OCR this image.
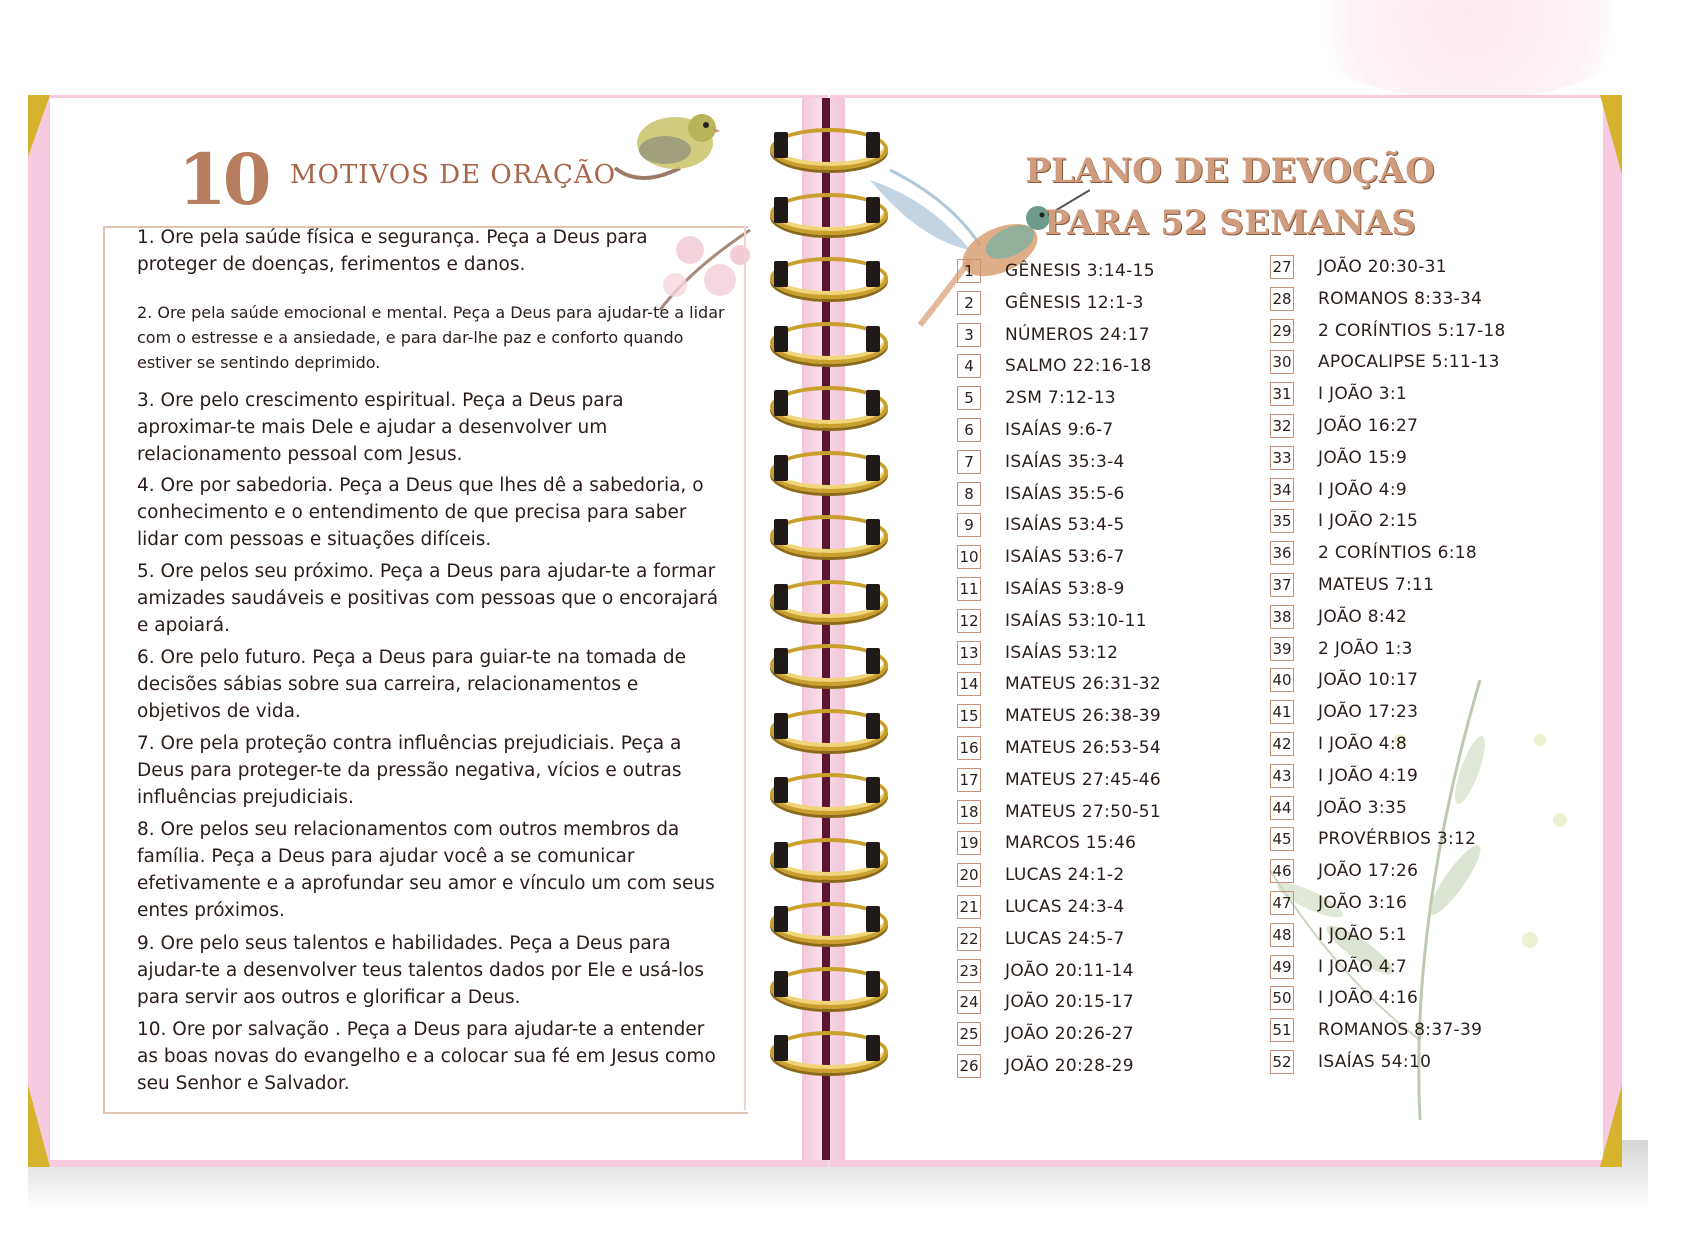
10 MOTIVOS DE ORAÇÃO
1. Ore pela saúde física e segurança. Peça a Deus para proteger de doenças, ferimentos e danos.
2. Ore pela saúde emocional e mental. Peça a Deus para ajudar-te a lidar com o estresse e a ansiedade, e para dar-lhe paz e conforto quando estiver se sentindo deprimido.
3. Ore pelo crescimento espiritual. Peça a Deus para aproximar-te mais Dele e ajudar a desenvolver um relacionamento pessoal com Jesus.
4. Ore por sabedoria. Peça a Deus que lhes dê a sabedoria, o conhecimento e o entendimento de que precisa para saber lidar com pessoas e situações difíceis.
5. Ore pelos seu próximo. Peça a Deus para ajudar-te a formar amizades saudáveis e positivas com pessoas que o encorajará e apoiará.
6. Ore pelo futuro. Peça a Deus para guiar-te na tomada de decisões sábias sobre sua carreira, relacionamentos e objetivos de vida.
7. Ore pela proteção contra influências prejudiciais. Peça a Deus para proteger-te da pressão negativa, vícios e outras influências prejudiciais.
8. Ore pelos seu relacionamentos com outros membros da família. Peça a Deus para ajudar você a se comunicar efetivamente e a aprofundar seu amor e vínculo um com seus entes próximos.
9. Ore pelo seus talentos e habilidades. Peça a Deus para ajudar-te a desenvolver teus talentos dados por Ele e usá-los para servir aos outros e glorificar a Deus.
10. Ore por salvação . Peça a Deus para ajudar-te a entender as boas novas do evangelho e a colocar sua fé em Jesus como seu Senhor e Salvador.
PLANO DE DEVOÇÃO
PARA 52 SEMANAS
1	GÊNESIS 3:14-15
2	GÊNESIS 12:1-3
3	NÚMEROS 24:17
4	SALMO 22:16-18
5	2SM 7:12-13
6	ISAÍAS 9:6-7
7	ISAÍAS 35:3-4
8	ISAÍAS 35:5-6
9	ISAÍAS 53:4-5
10 ISAÍAS 53:6-7
11 ISAÍAS 53:8-9
12 ISAÍAS 53:10-11
13 ISAÍAS 53:12
14 MATEUS 26:31-32
15 MATEUS 26:38-39
16 MATEUS 26:53-54
17 MATEUS 27:45-46
18 MATEUS 27:50-51
19 MARCOS 15:46
20 LUCAS 24:1-2
21 LUCAS 24:3-4
22 LUCAS 24:5-7
23 JOÃO 20:11-14
24 JOÃO 20:15-17
25 JOÃO 20:26-27
26 JOÃO 20:28-29
27 JOÃO 20:30-31
28 ROMANOS 8:33-34
29 2 CORÍNTIOS 5:17-18
30 APOCALIPSE 5:11-13
31 I JOÃO 3:1
32 JOÃO 16:27
33 JOÃO 15:9
34 I JOÃO 4:9
35 I JOÃO 2:15
36 2 CORÍNTIOS 6:18
37 MATEUS 7:11
38 JOÃO 8:42
39 2 JOÃO 1:3
40 JOÃO 10:17
41 JOÃO 17:23
42 I JOÃO 4:8
43 I JOÃO 4:19
44 JOÃO 3:35
45 PROVÉRBIOS 3:12
46 JOÃO 17:26
47 JOÃO 3:16
48 I JOÃO 5:1
49 I JOÃO 4:7
50 I JOÃO 4:16
51 ROMANOS 8:37-39
52 ISAÍAS 54:10
